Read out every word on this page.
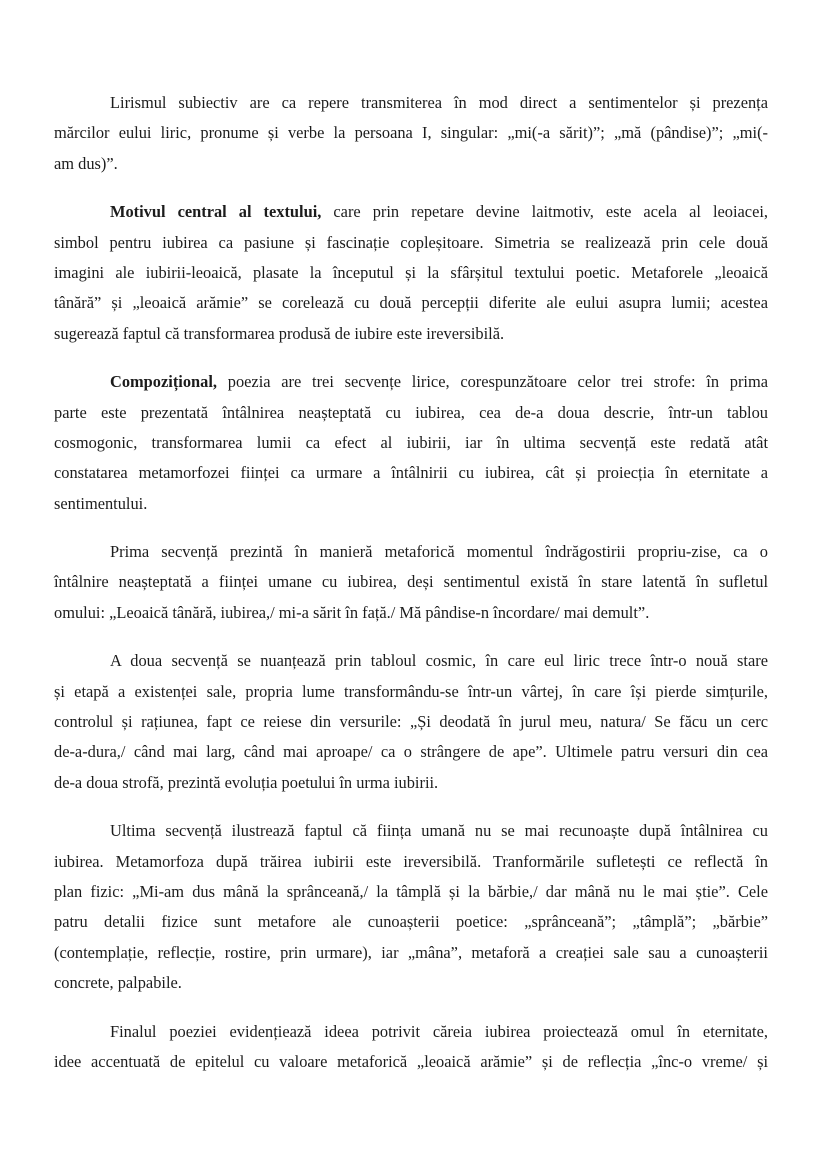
Lirismul subiectiv are ca repere transmiterea în mod direct a sentimentelor și prezența
mărcilor eului liric, pronume și verbe la persoana I, singular: „mi(-a sărit)”; „mă (pândise)”; „mi(-
am dus)”.
Motivul central al textului, care prin repetare devine laitmotiv, este acela al leoiacei,
simbol pentru iubirea ca pasiune și fascinație copleșitoare. Simetria se realizează prin cele două
imagini ale iubirii-leoaică, plasate la începutul și la sfârșitul textului poetic. Metaforele „leoaică
tânără” și „leoaică arămie” se corelează cu două percepții diferite ale eului asupra lumii; acestea
sugerează faptul că transformarea produsă de iubire este ireversibilă.
Compozițional, poezia are trei secvențe lirice, corespunzătoare celor trei strofe: în prima
parte este prezentată întâlnirea neașteptată cu iubirea, cea de-a doua descrie, într-un tablou
cosmogonic, transformarea lumii ca efect al iubirii, iar în ultima secvență este redată atât
constatarea metamorfozei ființei ca urmare a întâlnirii cu iubirea, cât și proiecția în eternitate a
sentimentului.
Prima secvență prezintă în manieră metaforică momentul îndrăgostirii propriu-zise, ca o
întâlnire neașteptată a ființei umane cu iubirea, deși sentimentul există în stare latentă în sufletul
omului: „Leoaică tânără, iubirea,/ mi-a sărit în față./ Mă pândise-n încordare/ mai demult”.
A doua secvență se nuanțează prin tabloul cosmic, în care eul liric trece într-o nouă stare
și etapă a existenței sale, propria lume transformându-se într-un vârtej, în care își pierde simțurile,
controlul și rațiunea, fapt ce reiese din versurile: „Și deodată în jurul meu, natura/ Se făcu un cerc
de-a-dura,/ când mai larg, când mai aproape/ ca o strângere de ape”. Ultimele patru versuri din cea
de-a doua strofă, prezintă evoluția poetului în urma iubirii.
Ultima secvență ilustrează faptul că ființa umană nu se mai recunoaște după întâlnirea cu
iubirea. Metamorfoza după trăirea iubirii este ireversibilă. Tranformările sufletești ce reflectă în
plan fizic: „Mi-am dus mână la sprânceană,/ la tâmplă și la bărbie,/ dar mână nu le mai știe”. Cele
patru detalii fizice sunt metafore ale cunoașterii poetice: „sprânceană”; „tâmplă”; „bărbie”
(contemplație, reflecție, rostire, prin urmare), iar „mâna”, metaforă a creației sale sau a cunoașterii
concrete, palpabile.
Finalul poeziei evidențiează ideea potrivit căreia iubirea proiectează omul în eternitate,
idee accentuată de epitelul cu valoare metaforică „leoaică arămie” și de reflecția „înc-o vreme/ și
